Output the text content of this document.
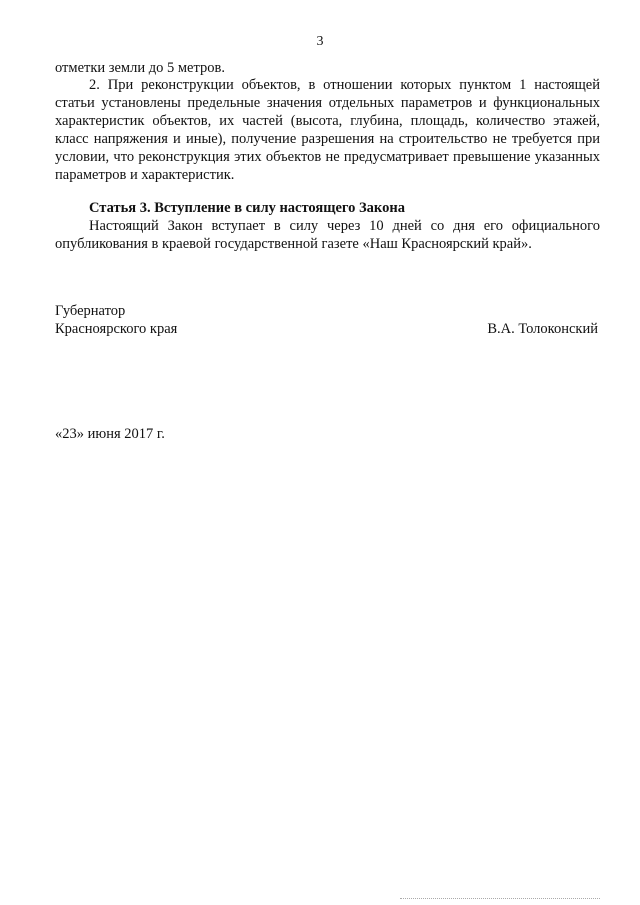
3

отметки земли до 5 метров.

2. При реконструкции объектов, в отношении которых пунктом 1 настоящей статьи установлены предельные значения отдельных параметров и функциональных характеристик объектов, их частей (высота, глубина, площадь, количество этажей, класс напряжения и иные), получение разрешения на строительство не требуется при условии, что реконструкция этих объектов не предусматривает превышение указанных параметров и характеристик.

Статья 3. Вступление в силу настоящего Закона

Настоящий Закон вступает в силу через 10 дней со дня его официального опубликования в краевой государственной газете «Наш Красноярский край».

Губернатор
Красноярского края	В.А. Толоконский
«23» июня 2017 г.
